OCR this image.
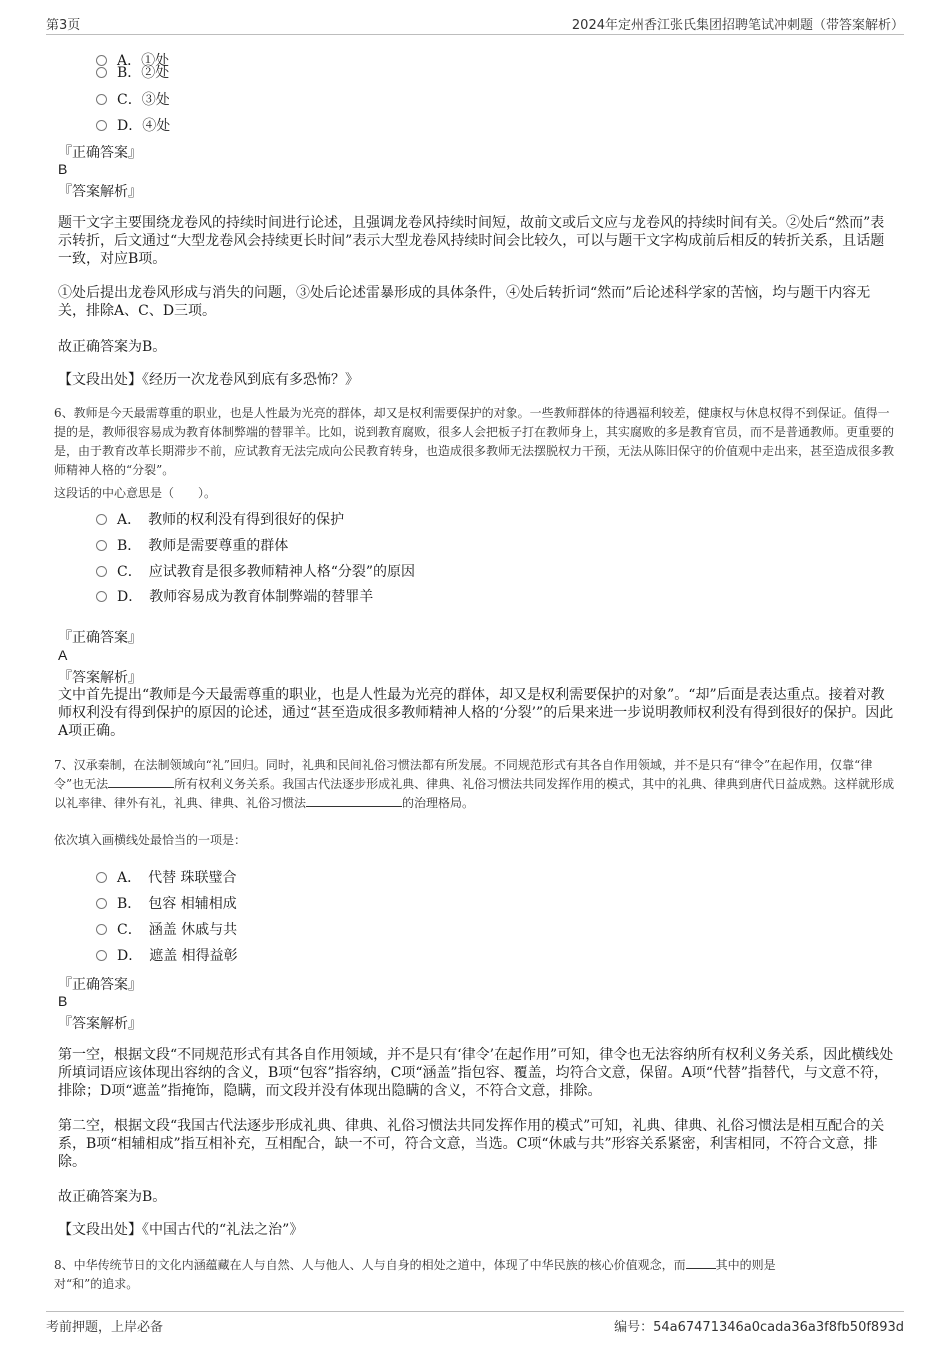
第3页	2024年定州香江张氏集团招聘笔试冲刺题（带答案解析）
A．①处
B．②处
C．③处
D．④处
『正确答案』
B
『答案解析』
题干文字主要围绕龙卷风的持续时间进行论述，且强调龙卷风持续时间短，故前文或后文应与龙卷风的持续时间有关。②处后“然而”表示转折，后文通过“大型龙卷风会持续更长时间”表示大型龙卷风持续时间会比较久，可以与题干文字构成前后相反的转折关系，且话题一致，对应B项。
①处后提出龙卷风形成与消失的问题，③处后论述雷暴形成的具体条件，④处后转折词“然而”后论述科学家的苦恼，均与题干内容无关，排除A、C、D三项。
故正确答案为B。
【文段出处】《经历一次龙卷风到底有多恐怖？》
6、教师是今天最需尊重的职业，也是人性最为光亮的群体，却又是权利需要保护的对象。一些教师群体的待遇福利较差，健康权与休息权得不到保证。值得一提的是，教师很容易成为教育体制弊端的替罪羊。比如，说到教育腐败，很多人会把板子打在教师身上，其实腐败的多是教育官员，而不是普通教师。更重要的是，由于教育改革长期滞步不前，应试教育无法完成向公民教育转身，也造成很多教师无法摆脱权力干预，无法从陈旧保守的价值观中走出来，甚至造成很多教师精神人格的“分裂”。
这段话的中心意思是（　　）。
A．　教师的权利没有得到很好的保护
B．　教师是需要尊重的群体
C．　应试教育是很多教师精神人格“分裂”的原因
D．　教师容易成为教育体制弊端的替罪羊
『正确答案』
A
『答案解析』
文中首先提出“教师是今天最需尊重的职业，也是人性最为光亮的群体，却又是权利需要保护的对象”。“却”后面是表达重点。接着对教师权利没有得到保护的原因的论述，通过“甚至造成很多教师精神人格的‘分裂’”的后果来进一步说明教师权利没有得到很好的保护。因此A项正确。
7、汉承秦制，在法制领域向“礼”回归。同时，礼典和民间礼俗习惯法都有所发展。不同规范形式有其各自作用领域，并不是只有“律令”在起作用，仅靠“律令”也无法	所有权利义务关系。我国古代法逐步形成礼典、律典、礼俗习惯法共同发挥作用的模式，其中的礼典、律典到唐代日益成熟。这样就形成以礼率律、律外有礼，礼典、律典、礼俗习惯法	的治理格局。
依次填入画横线处最恰当的一项是：
A．　代替 珠联璧合
B．　包容 相辅相成
C．　涵盖 休戚与共
D．　遮盖 相得益彰
『正确答案』
B
『答案解析』
第一空，根据文段“不同规范形式有其各自作用领域，并不是只有‘律令’在起作用”可知，律令也无法容纳所有权利义务关系，因此横线处所填词语应该体现出容纳的含义，B项“包容”指容纳，C项“涵盖”指包容、覆盖，均符合文意，保留。A项“代替”指替代，与文意不符，排除；D项“遮盖”指掩饰，隐瞒，而文段并没有体现出隐瞒的含义，不符合文意，排除。
第二空，根据文段“我国古代法逐步形成礼典、律典、礼俗习惯法共同发挥作用的模式”可知，礼典、律典、礼俗习惯法是相互配合的关系，B项“相辅相成”指互相补充，互相配合，缺一不可，符合文意，当选。C项“休戚与共”形容关系紧密，利害相同，不符合文意，排除。
故正确答案为B。
【文段出处】《中国古代的“礼法之治”》
8、中华传统节日的文化内涵蕴藏在人与自然、人与他人、人与自身的相处之道中，体现了中华民族的核心价值观念，而	其中的则是
对“和”的追求。
考前押题，上岸必备	编号：54a67471346a0cada36a3f8fb50f893d
